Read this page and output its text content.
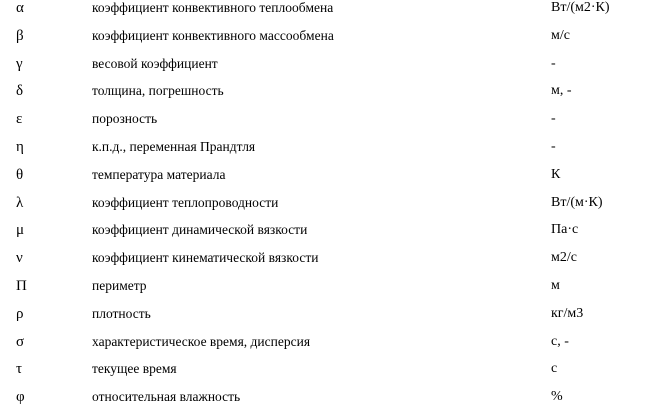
α	коэффициент конвективного теплообмена	Вт/(м2·К)
β	коэффициент конвективного массообмена	м/с
γ	весовой коэффициент	-
δ	толщина, погрешность	м, -
ε	порозность	-
η	к.п.д., переменная Прандтля	-
θ	температура материала	К
λ	коэффициент теплопроводности	Вт/(м·К)
μ	коэффициент динамической вязкости	Па·с
ν	коэффициент кинематической вязкости	м2/с
Π	периметр	м
ρ	плотность	кг/м3
σ	характеристическое время, дисперсия	с, -
τ	текущее время	с
φ	относительная влажность	%
